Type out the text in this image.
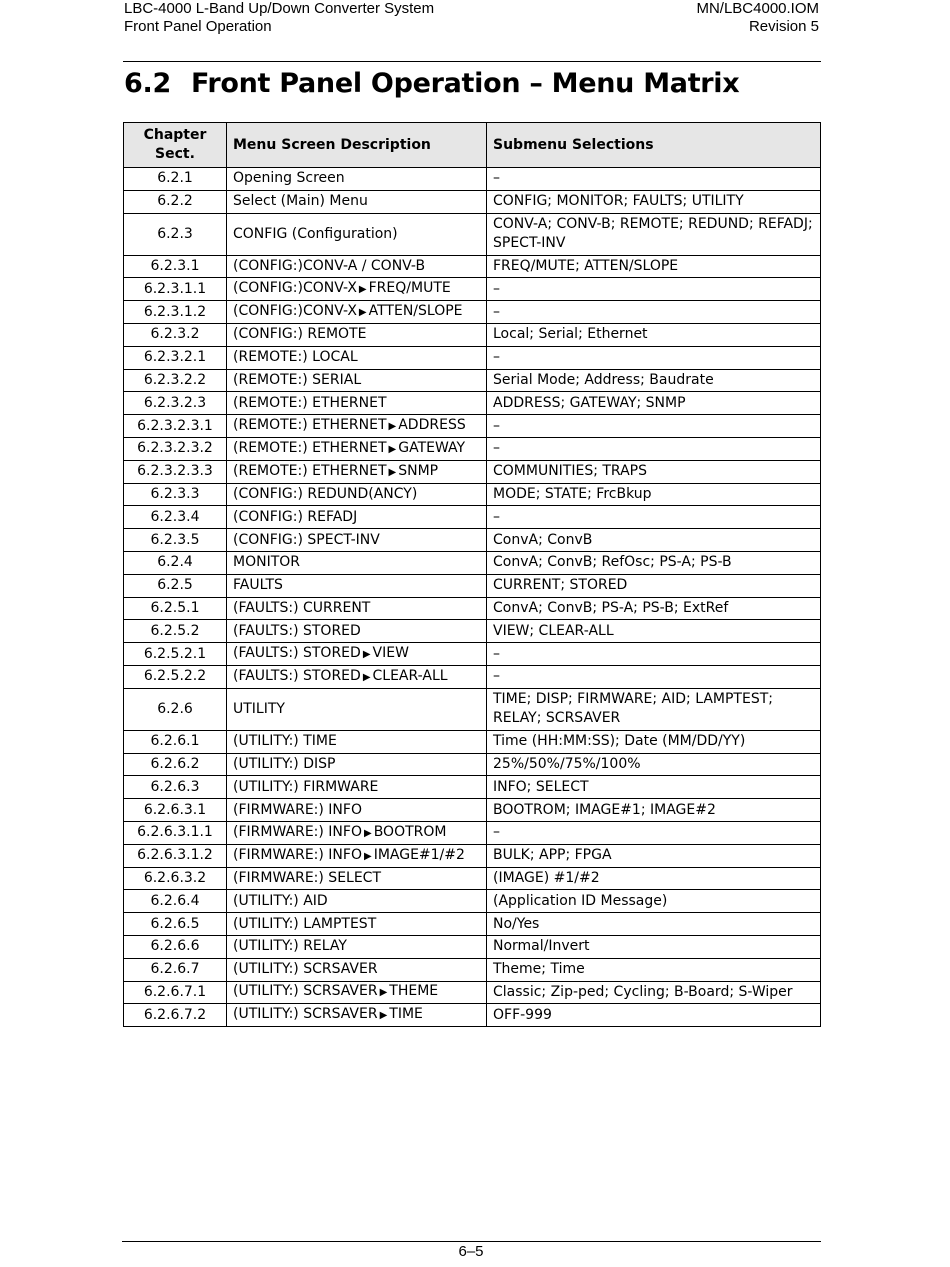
LBC-4000 L-Band Up/Down Converter System
Front Panel Operation
MN/LBC4000.IOM
Revision 5
6.2 Front Panel Operation – Menu Matrix
Chapter Sect.	Menu Screen Description	Submenu Selections
6.2.1	Opening Screen	–
6.2.2	Select (Main) Menu	CONFIG; MONITOR; FAULTS; UTILITY
6.2.3	CONFIG (Configuration)	CONV-A; CONV-B; REMOTE; REDUND; REFADJ; SPECT-INV
6.2.3.1	(CONFIG:)CONV-A / CONV-B	FREQ/MUTE; ATTEN/SLOPE
6.2.3.1.1	(CONFIG:)CONV-X ▶ FREQ/MUTE	–
6.2.3.1.2	(CONFIG:)CONV-X ▶ ATTEN/SLOPE	–
6.2.3.2	(CONFIG:) REMOTE	Local; Serial; Ethernet
6.2.3.2.1	(REMOTE:) LOCAL	–
6.2.3.2.2	(REMOTE:) SERIAL	Serial Mode; Address; Baudrate
6.2.3.2.3	(REMOTE:) ETHERNET	ADDRESS; GATEWAY; SNMP
6.2.3.2.3.1	(REMOTE:) ETHERNET ▶ ADDRESS	–
6.2.3.2.3.2	(REMOTE:) ETHERNET ▶ GATEWAY	–
6.2.3.2.3.3	(REMOTE:) ETHERNET ▶ SNMP	COMMUNITIES; TRAPS
6.2.3.3	(CONFIG:) REDUND(ANCY)	MODE; STATE; FrcBkup
6.2.3.4	(CONFIG:) REFADJ	–
6.2.3.5	(CONFIG:) SPECT-INV	ConvA; ConvB
6.2.4	MONITOR	ConvA; ConvB; RefOsc; PS-A; PS-B
6.2.5	FAULTS	CURRENT; STORED
6.2.5.1	(FAULTS:) CURRENT	ConvA; ConvB; PS-A; PS-B; ExtRef
6.2.5.2	(FAULTS:) STORED	VIEW; CLEAR-ALL
6.2.5.2.1	(FAULTS:) STORED ▶ VIEW	–
6.2.5.2.2	(FAULTS:) STORED ▶ CLEAR-ALL	–
6.2.6	UTILITY	TIME; DISP; FIRMWARE; AID; LAMPTEST; RELAY; SCRSAVER
6.2.6.1	(UTILITY:) TIME	Time (HH:MM:SS); Date (MM/DD/YY)
6.2.6.2	(UTILITY:) DISP	25%/50%/75%/100%
6.2.6.3	(UTILITY:) FIRMWARE	INFO; SELECT
6.2.6.3.1	(FIRMWARE:) INFO	BOOTROM; IMAGE#1; IMAGE#2
6.2.6.3.1.1	(FIRMWARE:) INFO ▶ BOOTROM	–
6.2.6.3.1.2	(FIRMWARE:) INFO ▶ IMAGE#1/#2	BULK; APP; FPGA
6.2.6.3.2	(FIRMWARE:) SELECT	(IMAGE) #1/#2
6.2.6.4	(UTILITY:) AID	(Application ID Message)
6.2.6.5	(UTILITY:) LAMPTEST	No/Yes
6.2.6.6	(UTILITY:) RELAY	Normal/Invert
6.2.6.7	(UTILITY:) SCRSAVER	Theme; Time
6.2.6.7.1	(UTILITY:) SCRSAVER ▶ THEME	Classic; Zip-ped; Cycling; B-Board; S-Wiper
6.2.6.7.2	(UTILITY:) SCRSAVER ▶ TIME	OFF-999
6–5
